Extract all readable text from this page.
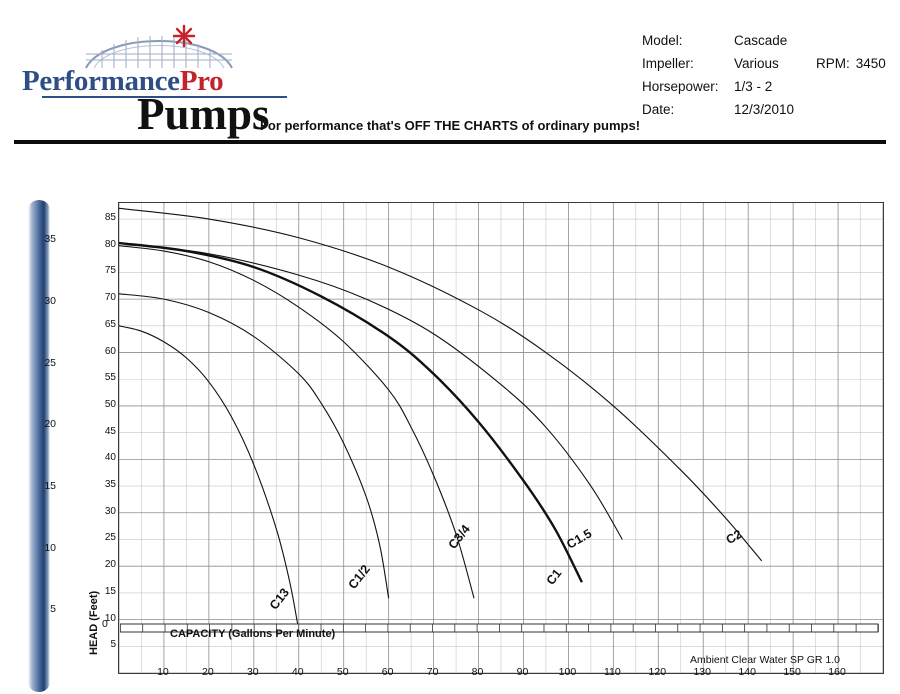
PerformancePro
Pumps
Model:	Cascade		
Impeller:	Various	RPM:	3450
Horsepower:	1/3 - 2		
Date:	12/3/2010		
For performance that's OFF THE CHARTS of ordinary pumps!
5
10
15
20
25
30
35
HEAD (Feet)	5
10
15
20
25
30
35
40
45
50
55
60
65
70
75
80
85
10	20	30	40	50	60	70	80	90	100	110	120	130	140	150	160
0
CAPACITY (Gallons Per Minute)
C13
C1/2
C3/4
C1
C1.5	C2
Ambient Clear Water SP GR 1.0
